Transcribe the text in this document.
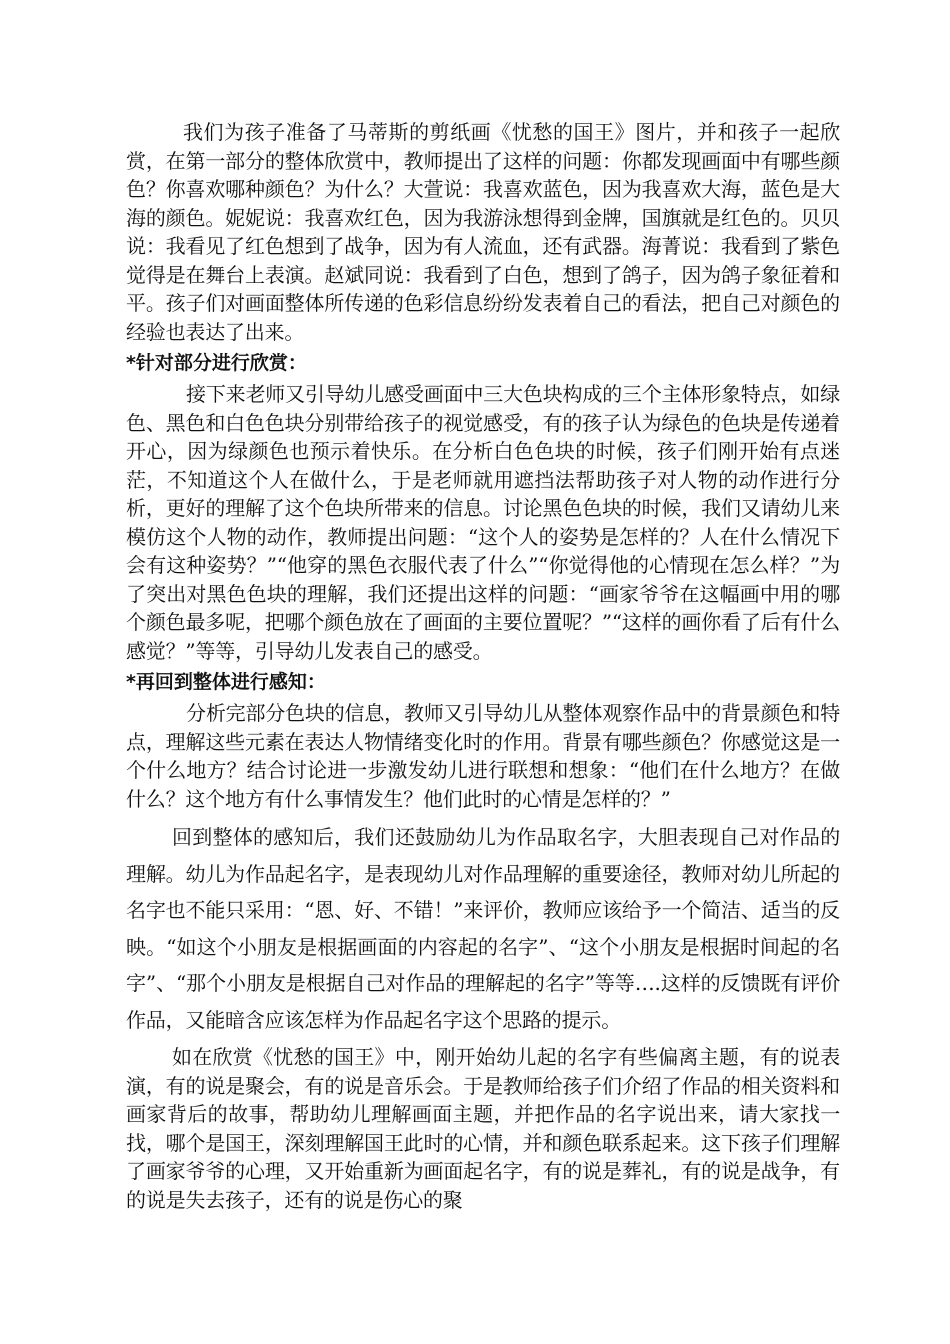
我们为孩子准备了马蒂斯的剪纸画《忧愁的国王》图片，并和孩子一起欣赏，在第一部分的整体欣赏中，教师提出了这样的问题：你都发现画面中有哪些颜色？你喜欢哪种颜色？为什么？大萱说：我喜欢蓝色，因为我喜欢大海，蓝色是大海的颜色。妮妮说：我喜欢红色，因为我游泳想得到金牌，国旗就是红色的。贝贝说：我看见了红色想到了战争，因为有人流血，还有武器。海菁说：我看到了紫色觉得是在舞台上表演。赵斌同说：我看到了白色，想到了鸽子，因为鸽子象征着和平。孩子们对画面整体所传递的色彩信息纷纷发表着自己的看法，把自己对颜色的经验也表达了出来。

*针对部分进行欣赏：

接下来老师又引导幼儿感受画面中三大色块构成的三个主体形象特点，如绿色、黑色和白色色块分别带给孩子的视觉感受，有的孩子认为绿色的色块是传递着开心，因为绿颜色也预示着快乐。在分析白色色块的时候，孩子们刚开始有点迷茫，不知道这个人在做什么，于是老师就用遮挡法帮助孩子对人物的动作进行分析，更好的理解了这个色块所带来的信息。讨论黑色色块的时候，我们又请幼儿来模仿这个人物的动作，教师提出问题：“这个人的姿势是怎样的？人在什么情况下会有这种姿势？”“他穿的黑色衣服代表了什么”“你觉得他的心情现在怎么样？”为了突出对黑色色块的理解，我们还提出这样的问题：“画家爷爷在这幅画中用的哪个颜色最多呢，把哪个颜色放在了画面的主要位置呢？”“这样的画你看了后有什么感觉？”等等，引导幼儿发表自己的感受。

*再回到整体进行感知：

分析完部分色块的信息，教师又引导幼儿从整体观察作品中的背景颜色和特点，理解这些元素在表达人物情绪变化时的作用。背景有哪些颜色？你感觉这是一个什么地方？结合讨论进一步激发幼儿进行联想和想象：“他们在什么地方？在做什么？这个地方有什么事情发生？他们此时的心情是怎样的？”

回到整体的感知后，我们还鼓励幼儿为作品取名字，大胆表现自己对作品的理解。幼儿为作品起名字，是表现幼儿对作品理解的重要途径，教师对幼儿所起的名字也不能只采用：“恩、好、不错！”来评价，教师应该给予一个简洁、适当的反映。“如这个小朋友是根据画面的内容起的名字”、“这个小朋友是根据时间起的名字”、“那个小朋友是根据自己对作品的理解起的名字”等等….这样的反馈既有评价作品，又能暗含应该怎样为作品起名字这个思路的提示。

如在欣赏《忧愁的国王》中，刚开始幼儿起的名字有些偏离主题，有的说表演，有的说是聚会，有的说是音乐会。于是教师给孩子们介绍了作品的相关资料和画家背后的故事，帮助幼儿理解画面主题，并把作品的名字说出来，请大家找一找，哪个是国王，深刻理解国王此时的心情，并和颜色联系起来。这下孩子们理解了画家爷爷的心理，又开始重新为画面起名字，有的说是葬礼，有的说是战争，有的说是失去孩子，还有的说是伤心的聚
